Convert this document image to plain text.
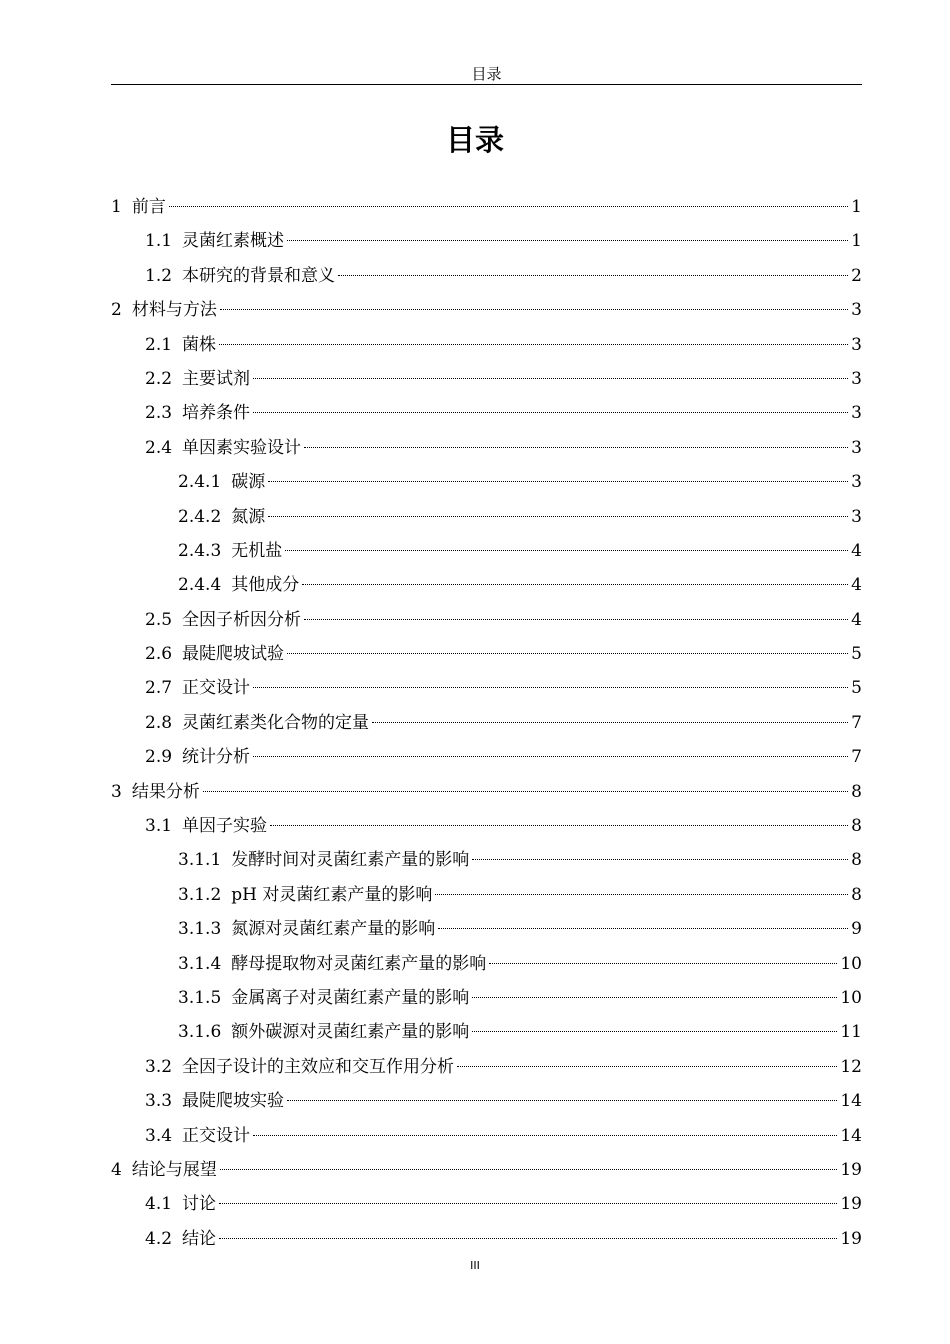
目录
目录
1 前言	1
1.1 灵菌红素概述	1
1.2 本研究的背景和意义	2
2 材料与方法	3
2.1 菌株	3
2.2 主要试剂	3
2.3 培养条件	3
2.4 单因素实验设计	3
2.4.1 碳源	3
2.4.2 氮源	3
2.4.3 无机盐	4
2.4.4 其他成分	4
2.5 全因子析因分析	4
2.6 最陡爬坡试验	5
2.7 正交设计	5
2.8 灵菌红素类化合物的定量	7
2.9 统计分析	7
3 结果分析	8
3.1 单因子实验	8
3.1.1 发酵时间对灵菌红素产量的影响	8
3.1.2 pH 对灵菌红素产量的影响	8
3.1.3 氮源对灵菌红素产量的影响	9
3.1.4 酵母提取物对灵菌红素产量的影响	10
3.1.5 金属离子对灵菌红素产量的影响	10
3.1.6 额外碳源对灵菌红素产量的影响	11
3.2 全因子设计的主效应和交互作用分析	12
3.3 最陡爬坡实验	14
3.4 正交设计	14
4 结论与展望	19
4.1 讨论	19
4.2 结论	19
III
